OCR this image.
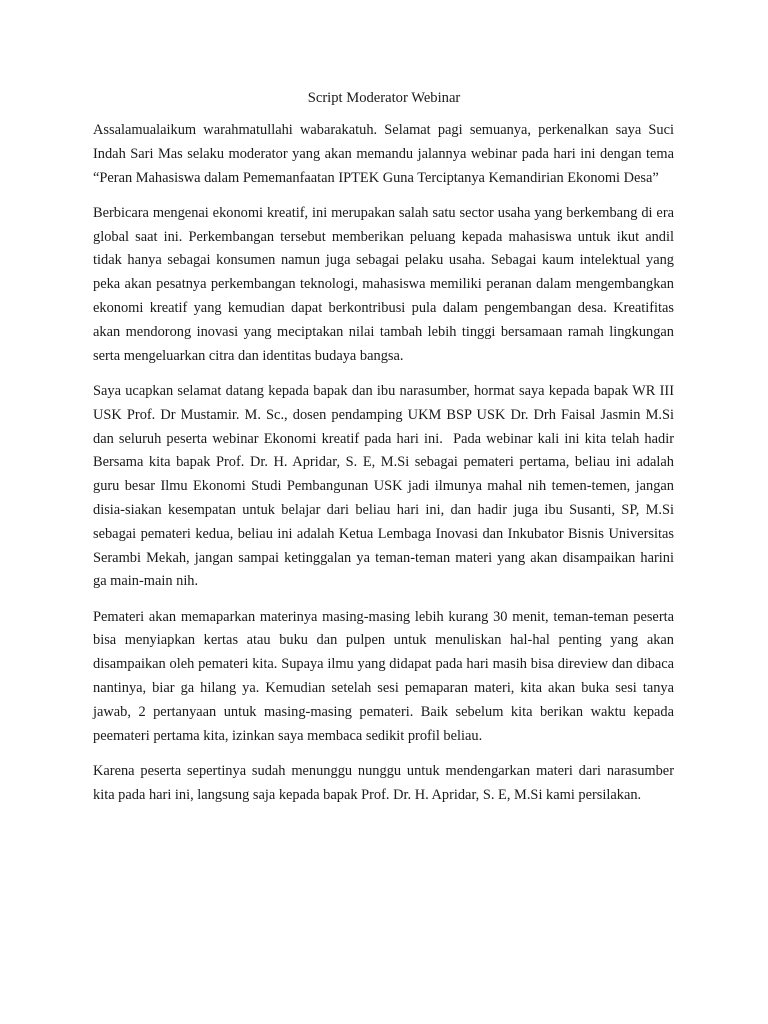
Script Moderator Webinar

Assalamualaikum warahmatullahi wabarakatuh. Selamat pagi semuanya, perkenalkan saya Suci Indah Sari Mas selaku moderator yang akan memandu jalannya webinar pada hari ini dengan tema “Peran Mahasiswa dalam Pememanfaatan IPTEK Guna Terciptanya Kemandirian Ekonomi Desa”

Berbicara mengenai ekonomi kreatif, ini merupakan salah satu sector usaha yang berkembang di era global saat ini. Perkembangan tersebut memberikan peluang kepada mahasiswa untuk ikut andil tidak hanya sebagai konsumen namun juga sebagai pelaku usaha. Sebagai kaum intelektual yang peka akan pesatnya perkembangan teknologi, mahasiswa memiliki peranan dalam mengembangkan ekonomi kreatif yang kemudian dapat berkontribusi pula dalam pengembangan desa. Kreatifitas akan mendorong inovasi yang meciptakan nilai tambah lebih tinggi bersamaan ramah lingkungan serta mengeluarkan citra dan identitas budaya bangsa.

Saya ucapkan selamat datang kepada bapak dan ibu narasumber, hormat saya kepada bapak WR III USK Prof. Dr Mustamir. M. Sc., dosen pendamping UKM BSP USK Dr. Drh Faisal Jasmin M.Si dan seluruh peserta webinar Ekonomi kreatif pada hari ini.  Pada webinar kali ini kita telah hadir Bersama kita bapak Prof. Dr. H. Apridar, S. E, M.Si sebagai pemateri pertama, beliau ini adalah guru besar Ilmu Ekonomi Studi Pembangunan USK jadi ilmunya mahal nih temen-temen, jangan disia-siakan kesempatan untuk belajar dari beliau hari ini, dan hadir juga ibu Susanti, SP, M.Si sebagai pemateri kedua, beliau ini adalah Ketua Lembaga Inovasi dan Inkubator Bisnis Universitas Serambi Mekah, jangan sampai ketinggalan ya teman-teman materi yang akan disampaikan harini ga main-main nih.

Pemateri akan memaparkan materinya masing-masing lebih kurang 30 menit, teman-teman peserta bisa menyiapkan kertas atau buku dan pulpen untuk menuliskan hal-hal penting yang akan disampaikan oleh pemateri kita. Supaya ilmu yang didapat pada hari masih bisa direview dan dibaca nantinya, biar ga hilang ya. Kemudian setelah sesi pemaparan materi, kita akan buka sesi tanya jawab, 2 pertanyaan untuk masing-masing pemateri. Baik sebelum kita berikan waktu kepada peemateri pertama kita, izinkan saya membaca sedikit profil beliau.

Karena peserta sepertinya sudah menunggu nunggu untuk mendengarkan materi dari narasumber kita pada hari ini, langsung saja kepada bapak Prof. Dr. H. Apridar, S. E, M.Si kami persilakan.
